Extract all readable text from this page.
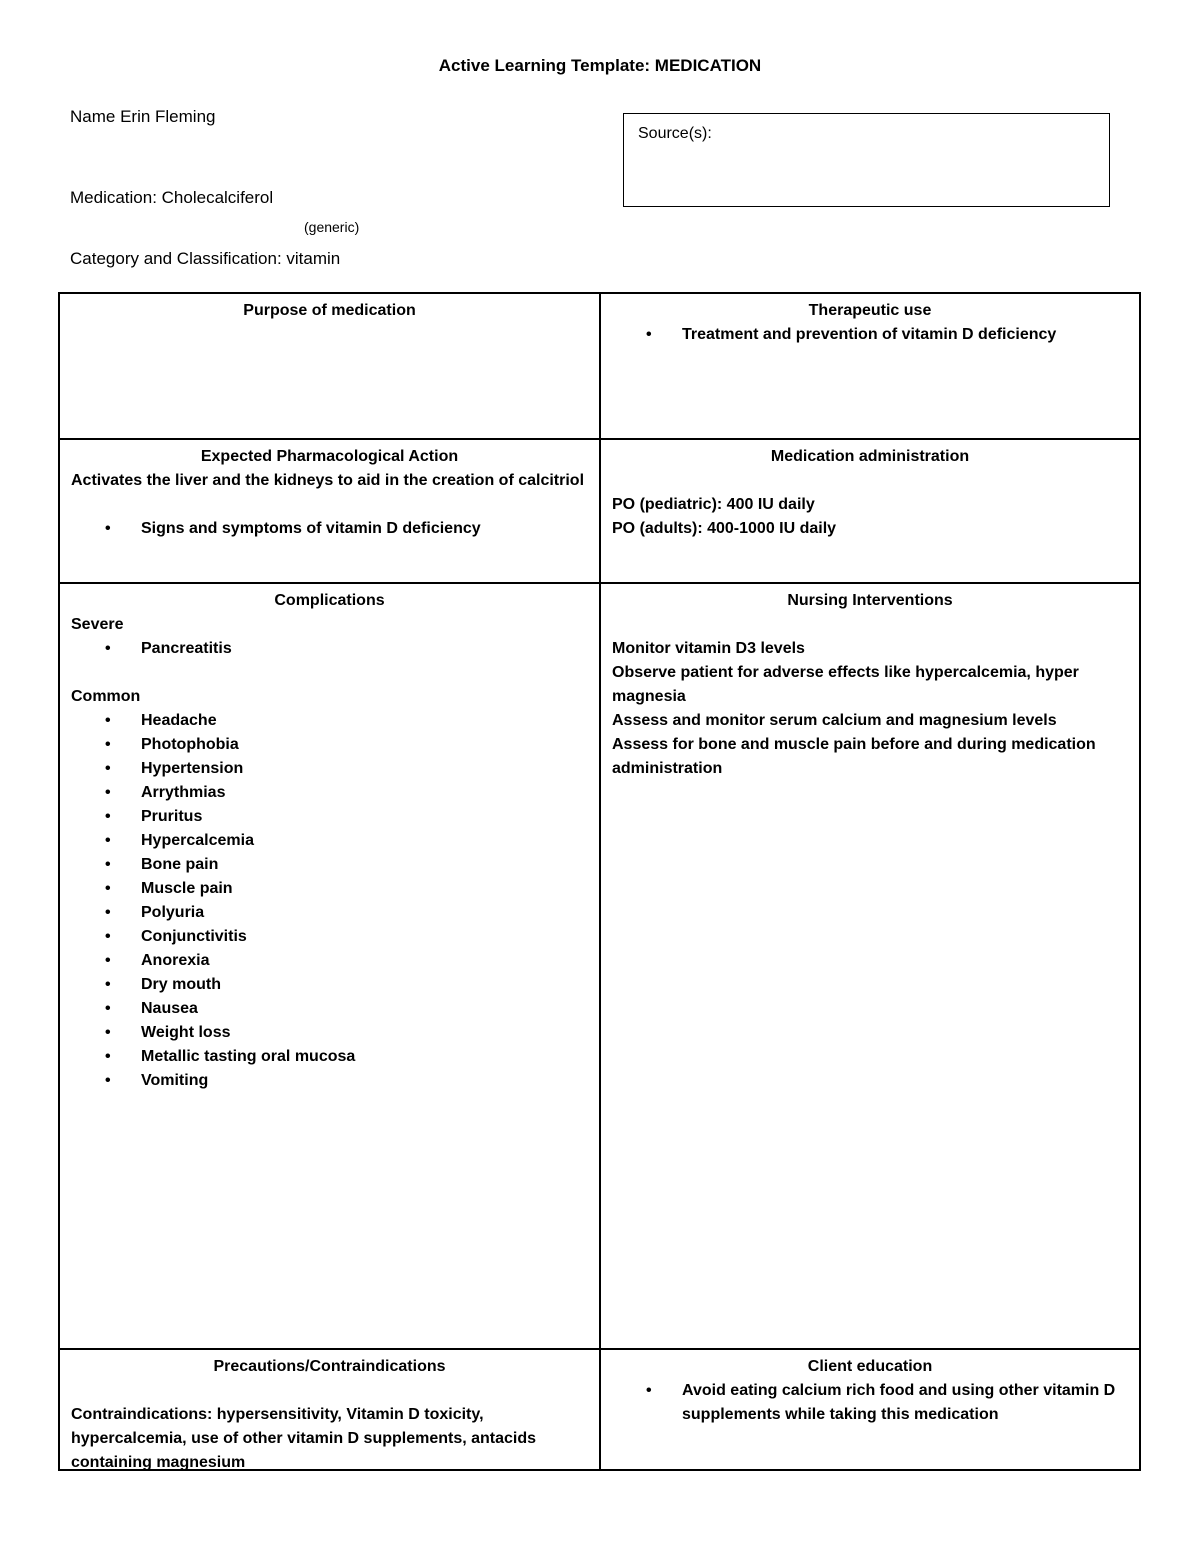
Active Learning Template: MEDICATION
Name Erin Fleming
Medication: Cholecalciferol
(generic)
Category and Classification: vitamin
Source(s):
Purpose of medication	Therapeutic use
• Treatment and prevention of vitamin D deficiency
Expected Pharmacological Action
Activates the liver and the kidneys to aid in the creation of calcitriol
• Signs and symptoms of vitamin D deficiency
Medication administration
PO (pediatric): 400 IU daily
PO (adults): 400-1000 IU daily
Complications
Severe
• Pancreatitis
Common
• Headache
• Photophobia
• Hypertension
• Arrythmias
• Pruritus
• Hypercalcemia
• Bone pain
• Muscle pain
• Polyuria
• Conjunctivitis
• Anorexia
• Dry mouth
• Nausea
• Weight loss
• Metallic tasting oral mucosa
• Vomiting
Nursing Interventions
Monitor vitamin D3 levels
Observe patient for adverse effects like hypercalcemia, hyper magnesia
Assess and monitor serum calcium and magnesium levels
Assess for bone and muscle pain before and during medication administration
Precautions/Contraindications
Contraindications: hypersensitivity, Vitamin D toxicity, hypercalcemia, use of other vitamin D supplements, antacids containing magnesium
Client education
• Avoid eating calcium rich food and using other vitamin D supplements while taking this medication
